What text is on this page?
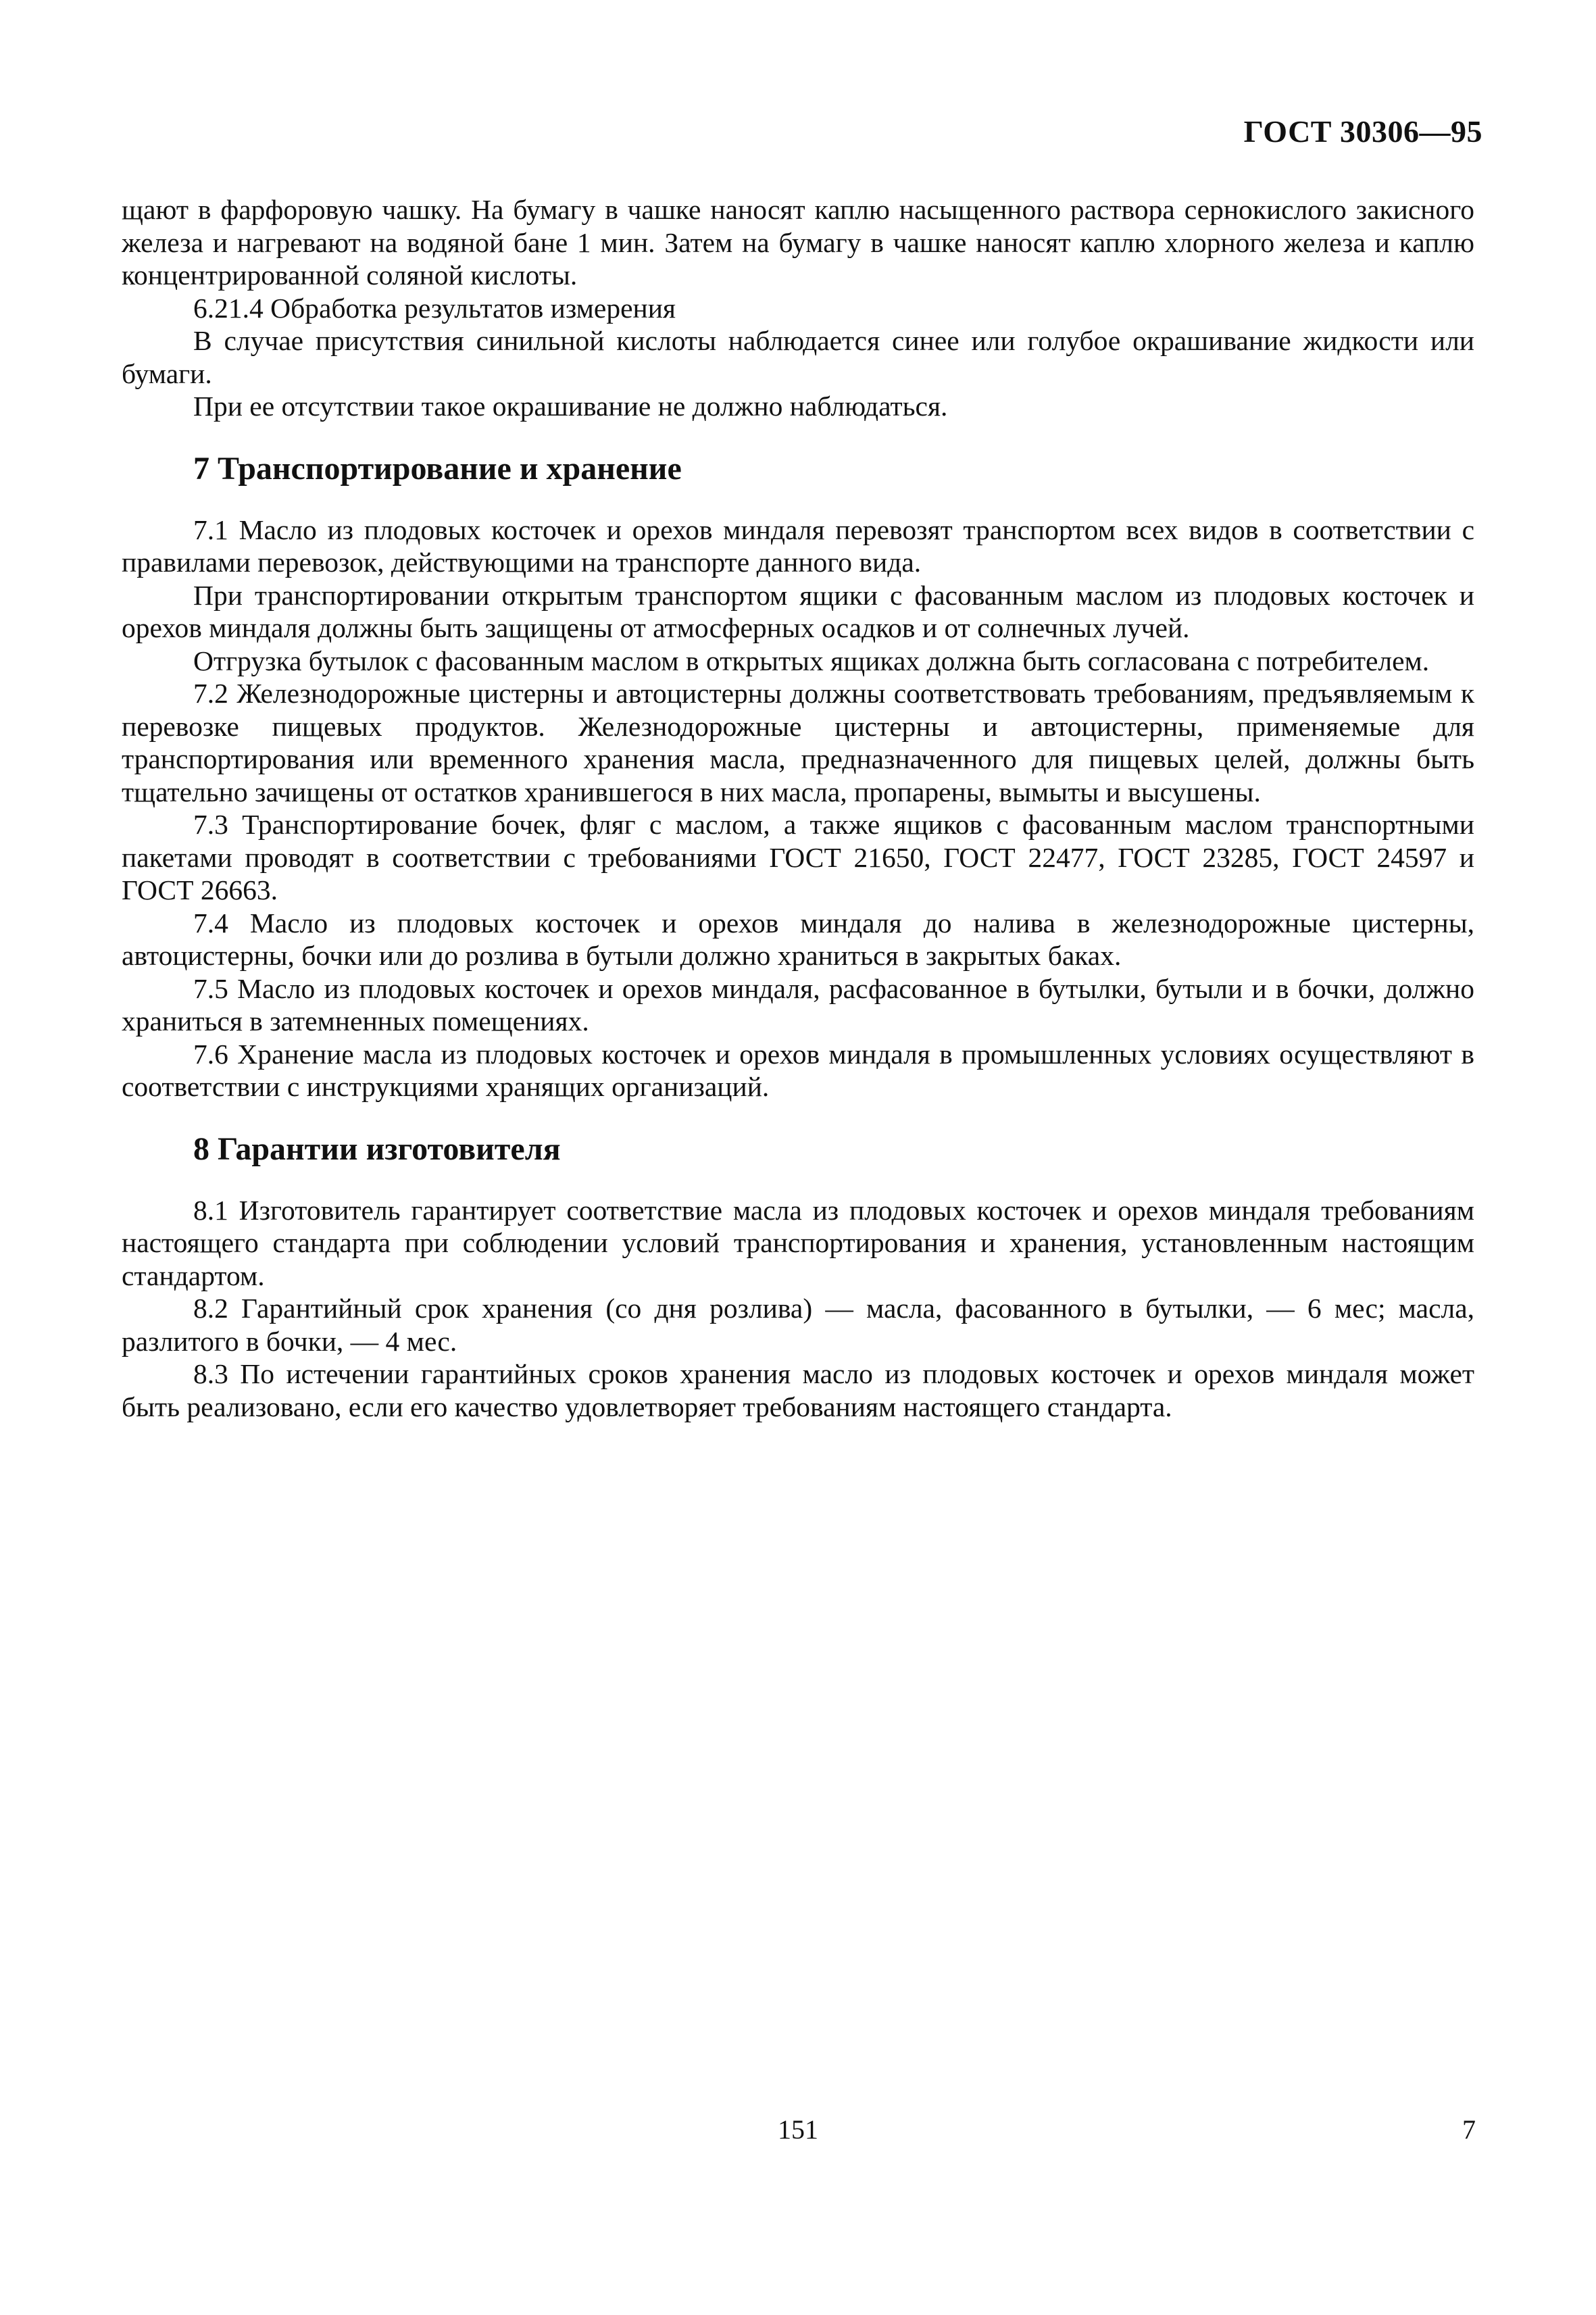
ГОСТ 30306—95

щают в фарфоровую чашку. На бумагу в чашке наносят каплю насыщенного раствора сернокислого закисного железа и нагревают на водяной бане 1 мин. Затем на бумагу в чашке наносят каплю хлорного железа и каплю концентрированной соляной кислоты.

6.21.4 Обработка результатов измерения

В случае присутствия синильной кислоты наблюдается синее или голубое окрашивание жидкости или бумаги.

При ее отсутствии такое окрашивание не должно наблюдаться.

7 Транспортирование и хранение

7.1 Масло из плодовых косточек и орехов миндаля перевозят транспортом всех видов в соответствии с правилами перевозок, действующими на транспорте данного вида.

При транспортировании открытым транспортом ящики с фасованным маслом из плодовых косточек и орехов миндаля должны быть защищены от атмосферных осадков и от солнечных лучей.

Отгрузка бутылок с фасованным маслом в открытых ящиках должна быть согласована с потребителем.

7.2 Железнодорожные цистерны и автоцистерны должны соответствовать требованиям, предъявляемым к перевозке пищевых продуктов. Железнодорожные цистерны и автоцистерны, применяемые для транспортирования или временного хранения масла, предназначенного для пищевых целей, должны быть тщательно зачищены от остатков хранившегося в них масла, пропарены, вымыты и высушены.

7.3 Транспортирование бочек, фляг с маслом, а также ящиков с фасованным маслом транспортными пакетами проводят в соответствии с требованиями ГОСТ 21650, ГОСТ 22477, ГОСТ 23285, ГОСТ 24597 и ГОСТ 26663.

7.4 Масло из плодовых косточек и орехов миндаля до налива в железнодорожные цистерны, автоцистерны, бочки или до розлива в бутыли должно храниться в закрытых баках.

7.5 Масло из плодовых косточек и орехов миндаля, расфасованное в бутылки, бутыли и в бочки, должно храниться в затемненных помещениях.

7.6 Хранение масла из плодовых косточек и орехов миндаля в промышленных условиях осуществляют в соответствии с инструкциями хранящих организаций.

8 Гарантии изготовителя

8.1 Изготовитель гарантирует соответствие масла из плодовых косточек и орехов миндаля требованиям настоящего стандарта при соблюдении условий транспортирования и хранения, установленным настоящим стандартом.

8.2 Гарантийный срок хранения (со дня розлива) — масла, фасованного в бутылки, — 6 мес; масла, разлитого в бочки, — 4 мес.

8.3 По истечении гарантийных сроков хранения масло из плодовых косточек и орехов миндаля может быть реализовано, если его качество удовлетворяет требованиям настоящего стандарта.

151	7
